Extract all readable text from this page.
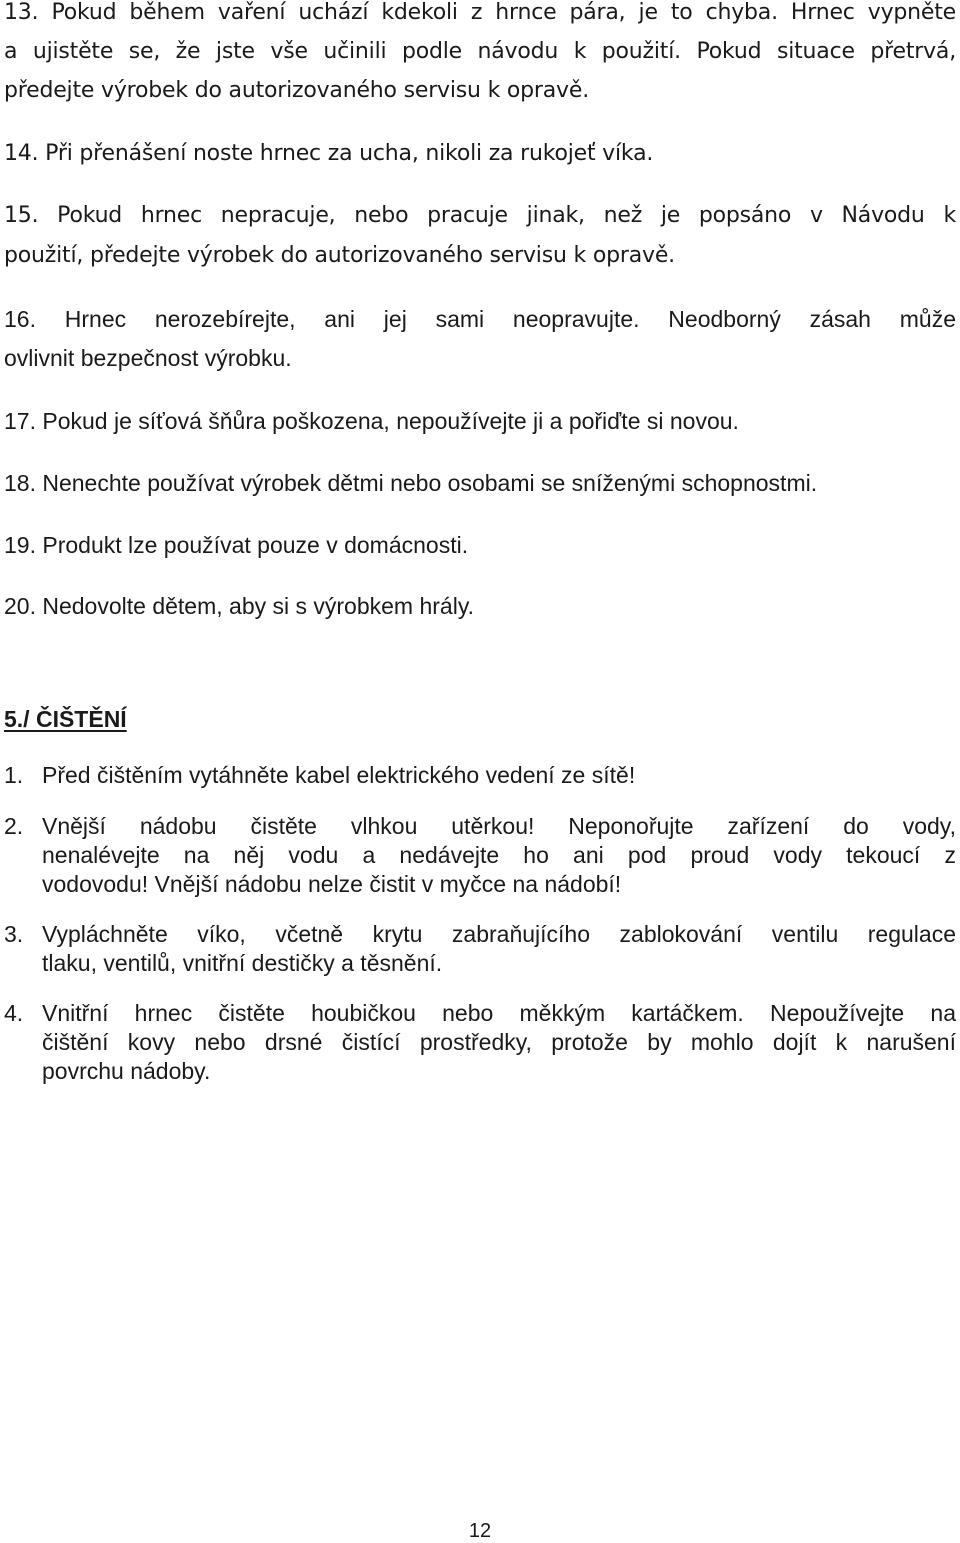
13. Pokud během vaření uchází kdekoli z hrnce pára, je to chyba. Hrnec vypněte
a ujistěte se, že jste vše učinili podle návodu k použití. Pokud situace přetrvá,
předejte výrobek do autorizovaného servisu k opravě.
14. Při přenášení noste hrnec za ucha, nikoli za rukojeť víka.
15. Pokud hrnec nepracuje, nebo pracuje jinak, než je popsáno v Návodu k
použití, předejte výrobek do autorizovaného servisu k opravě.
16. Hrnec nerozebírejte, ani jej sami neopravujte. Neodborný zásah může
ovlivnit bezpečnost výrobku.
17. Pokud je síťová šňůra poškozena, nepoužívejte ji a pořiďte si novou.
18. Nenechte používat výrobek dětmi nebo osobami se sníženými schopnostmi.
19. Produkt lze používat pouze v domácnosti.
20. Nedovolte dětem, aby si s výrobkem hrály.
5./ ČIŠTĚNÍ
1. Před čištěním vytáhněte kabel elektrického vedení ze sítě!
2. Vnější nádobu čistěte vlhkou utěrkou! Neponořujte zařízení do vody,
nenalévejte na něj vodu a nedávejte ho ani pod proud vody tekoucí z
vodovodu! Vnější nádobu nelze čistit v myčce na nádobí!
3. Vypláchněte víko, včetně krytu zabraňujícího zablokování ventilu regulace
tlaku, ventilů, vnitřní destičky a těsnění.
4. Vnitřní hrnec čistěte houbičkou nebo měkkým kartáčkem. Nepoužívejte na
čištění kovy nebo drsné čistící prostředky, protože by mohlo dojít k narušení
povrchu nádoby.
12
